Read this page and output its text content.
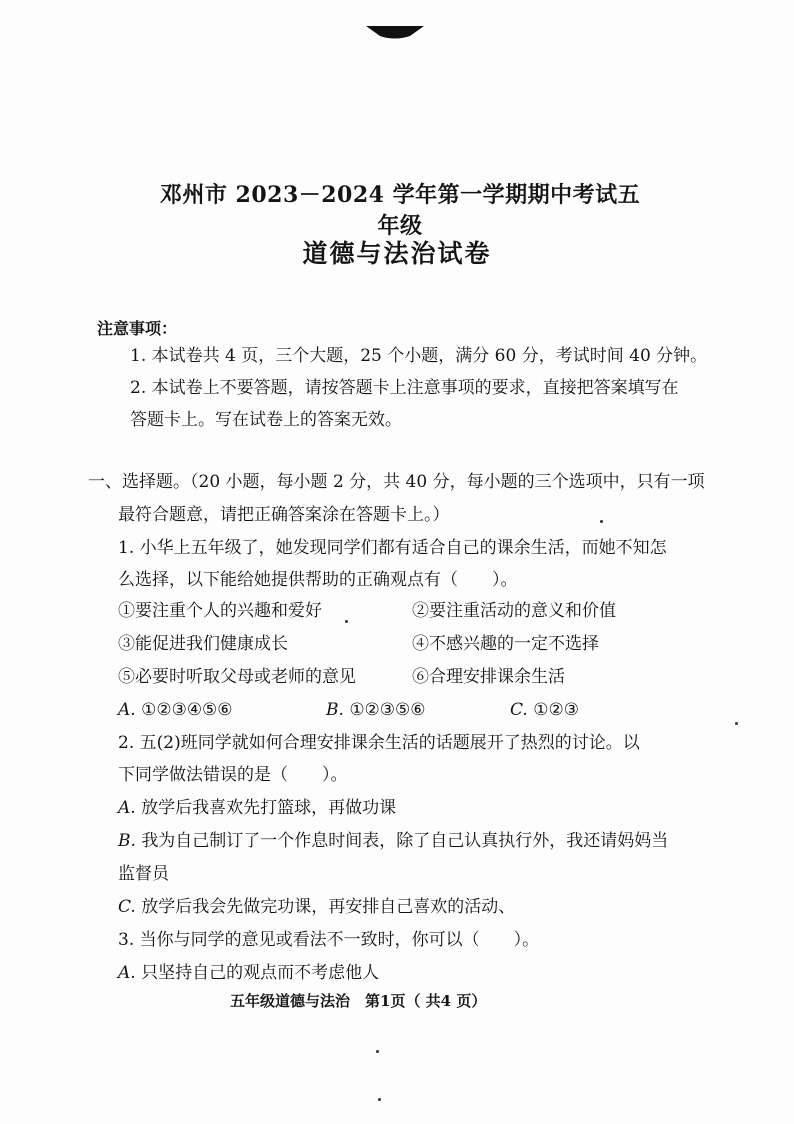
邓州市 2023－2024 学年第一学期期中考试五年级
道德与法治试卷
注意事项：
1. 本试卷共 4 页，三个大题，25 个小题，满分 60 分，考试时间 40 分钟。
2. 本试卷上不要答题，请按答题卡上注意事项的要求，直接把答案填写在
答题卡上。写在试卷上的答案无效。
一、选择题。（20 小题，每小题 2 分，共 40 分，每小题的三个选项中，只有一项
最符合题意，请把正确答案涂在答题卡上。）
1. 小华上五年级了，她发现同学们都有适合自己的课余生活，而她不知怎
么选择，以下能给她提供帮助的正确观点有（　　）。
①要注重个人的兴趣和爱好	②要注重活动的意义和价值
③能促进我们健康成长	④不感兴趣的一定不选择
⑤必要时听取父母或老师的意见	⑥合理安排课余生活
A. ①②③④⑤⑥	B. ①②③⑤⑥	C. ①②③
2. 五(2)班同学就如何合理安排课余生活的话题展开了热烈的讨论。以
下同学做法错误的是（　　）。
A. 放学后我喜欢先打篮球，再做功课
B. 我为自己制订了一个作息时间表，除了自己认真执行外，我还请妈妈当
监督员
C. 放学后我会先做完功课，再安排自己喜欢的活动、
3. 当你与同学的意见或看法不一致时，你可以（　　）。
A. 只坚持自己的观点而不考虑他人
五年级道德与法治　第1页（ 共4 页）
